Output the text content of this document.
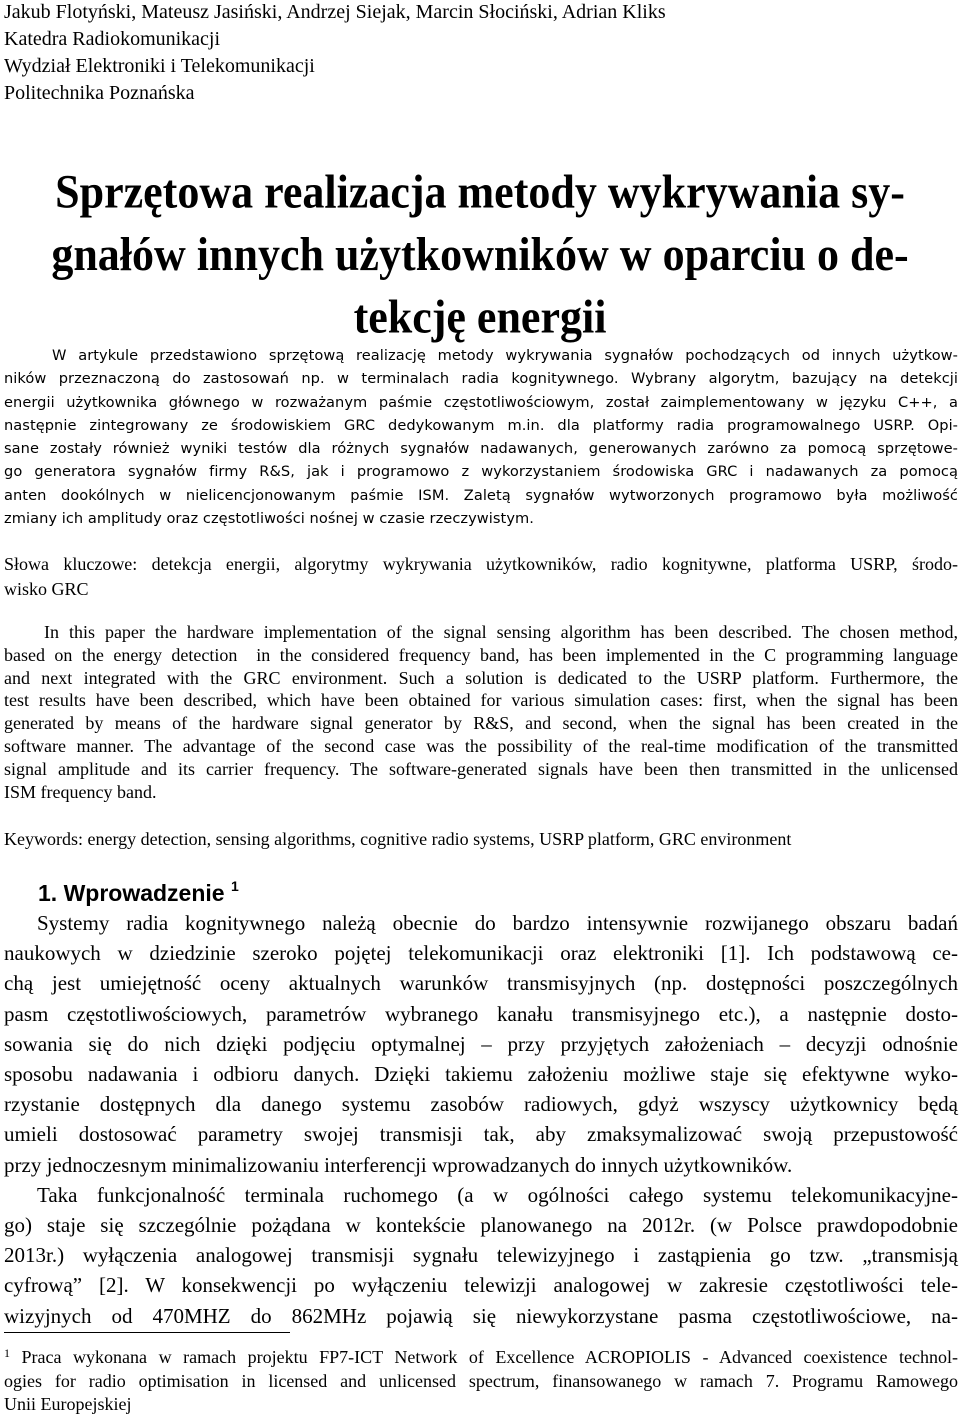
Jakub Flotyński, Mateusz Jasiński, Andrzej Siejak, Marcin Słociński, Adrian Kliks
Katedra Radiokomunikacji
Wydział Elektroniki i Telekomunikacji
Politechnika Poznańska
Sprzętowa realizacja metody wykrywania sy-
gnałów innych użytkowników w oparciu o de-
tekcję energii
W artykule przedstawiono sprzętową realizację metody wykrywania sygnałów pochodzących od innych użytkow-
ników przeznaczoną do zastosowań np. w terminalach radia kognitywnego. Wybrany algorytm, bazujący na detekcji
energii użytkownika głównego w rozważanym paśmie częstotliwościowym, został zaimplementowany w języku C++, a
następnie zintegrowany ze środowiskiem GRC dedykowanym m.in. dla platformy radia programowalnego USRP. Opi-
sane zostały również wyniki testów dla różnych sygnałów nadawanych, generowanych zarówno za pomocą sprzętowe-
go generatora sygnałów firmy R&S, jak i programowo z wykorzystaniem środowiska GRC i nadawanych za pomocą
anten dookólnych w nielicencjonowanym paśmie ISM. Zaletą sygnałów wytworzonych programowo była możliwość
zmiany ich amplitudy oraz częstotliwości nośnej w czasie rzeczywistym.
Słowa kluczowe: detekcja energii, algorytmy wykrywania użytkowników, radio kognitywne, platforma USRP, środo-
wisko GRC
In this paper the hardware implementation of the signal sensing algorithm has been described. The chosen method,
based on the energy detection  in the considered frequency band, has been implemented in the C programming language
and next integrated with the GRC environment. Such a solution is dedicated to the USRP platform. Furthermore, the
test results have been described, which have been obtained for various simulation cases: first, when the signal has been
generated by means of the hardware signal generator by R&S, and second, when the signal has been created in the
software manner. The advantage of the second case was the possibility of the real-time modification of the transmitted
signal amplitude and its carrier frequency. The software-generated signals have been then transmitted in the unlicensed
ISM frequency band.
Keywords: energy detection, sensing algorithms, cognitive radio systems, USRP platform, GRC environment
1. Wprowadzenie $^1$
Systemy radia kognitywnego należą obecnie do bardzo intensywnie rozwijanego obszaru badań
naukowych w dziedzinie szeroko pojętej telekomunikacji oraz elektroniki [1]. Ich podstawową ce-
chą jest umiejętność oceny aktualnych warunków transmisyjnych (np. dostępności poszczególnych
pasm częstotliwościowych, parametrów wybranego kanału transmisyjnego etc.), a następnie dosto-
sowania się do nich dzięki podjęciu optymalnej – przy przyjętych założeniach – decyzji odnośnie
sposobu nadawania i odbioru danych. Dzięki takiemu założeniu możliwe staje się efektywne wyko-
rzystanie dostępnych dla danego systemu zasobów radiowych, gdyż wszyscy użytkownicy będą
umieli dostosować parametry swojej transmisji tak, aby zmaksymalizować swoją przepustowość
przy jednoczesnym minimalizowaniu interferencji wprowadzanych do innych użytkowników.
Taka funkcjonalność terminala ruchomego (a w ogólności całego systemu telekomunikacyjne-
go) staje się szczególnie pożądana w kontekście planowanego na 2012r. (w Polsce prawdopodobnie
2013r.) wyłączenia analogowej transmisji sygnału telewizyjnego i zastąpienia go tzw. „transmisją
cyfrową” [2]. W konsekwencji po wyłączeniu telewizji analogowej w zakresie częstotliwości tele-
wizyjnych od 470MHZ do 862MHz pojawią się niewykorzystane pasma częstotliwościowe, na-
$^1$ Praca wykonana w ramach projektu FP7-ICT Network of Excellence ACROPIOLIS - Advanced coexistence technol-
ogies for radio optimisation in licensed and unlicensed spectrum, finansowanego w ramach 7. Programu Ramowego
Unii Europejskiej
